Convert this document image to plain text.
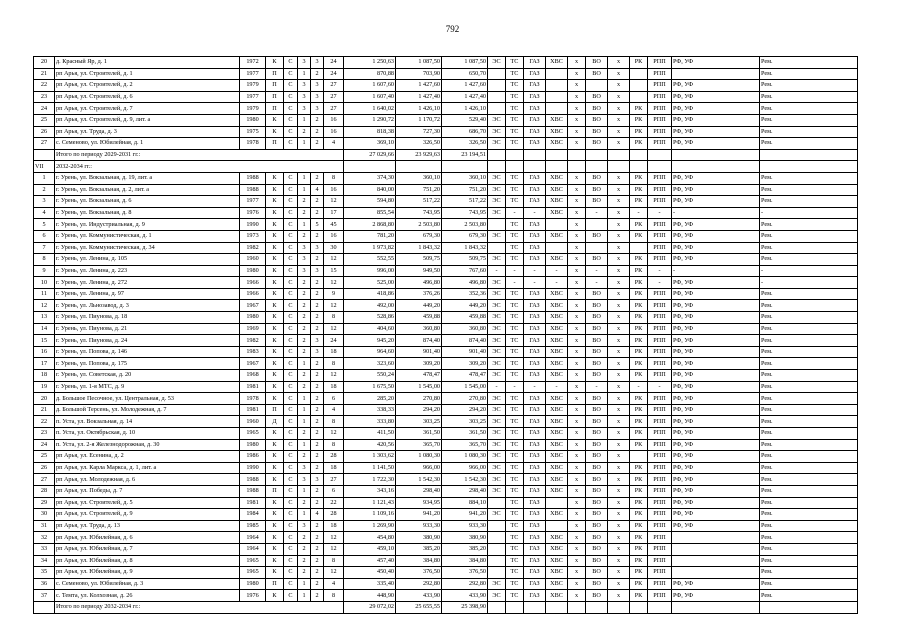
792
20	д. Красный Яр, д. 1	1972	К	С	3	3	24	1 250,63	1 087,50	1 087,50	ЭС	ТС	ГАЗ	ХВС	х	ВО	х	РК	РПП	РФ, УФ	Рем.
21	рп Арья, ул. Строителей, д. 1	1977	П	С	1	2	24	870,88	703,90	650,70		ТС	ГАЗ		х	ВО	х		РПП		Рем.
22	рп Арья, ул. Строителей, д. 2	1979	П	С	3	3	27	1 607,60	1 427,60	1 427,60		ТС	ГАЗ		х		х		РПП	РФ, УФ	Рем.
23	рп Арья, ул. Строителей, д. 6	1977	П	С	3	3	27	1 607,40	1 427,40	1 427,40		ТС	ГАЗ		х	ВО	х		РПП	РФ, УФ	Рем.
24	рп Арья, ул. Строителей, д. 7	1979	П	С	3	3	27	1 640,02	1 426,10	1 426,10		ТС	ГАЗ		х	ВО	х	РК	РПП	РФ, УФ	Рем.
25	рп Арья, ул. Строителей, д. 9, лит. а	1980	К	С	1	2	16	1 290,72	1 170,72	529,40	ЭС	ТС	ГАЗ	ХВС	х	ВО	х	РК	РПП	РФ, УФ	Рем.
26	рп Арья, ул. Труда, д. 3	1975	К	С	2	2	16	818,38	727,30	686,70	ЭС	ТС	ГАЗ	ХВС	х	ВО	х	РК	РПП	РФ, УФ	Рем.
27	с. Семеново, ул. Юбилейная, д. 1	1978	П	С	1	2	4	369,10	326,50	326,50	ЭС	ТС	ГАЗ	ХВС	х	ВО	х	РК	РПП	РФ, УФ	Рем.
	Итого по периоду 2029-2031 гг.:							27 029,66	23 929,63	23 194,51											
VII	2032-2034 гг.:																				
1	г. Урень, ул. Вокзальная, д. 19, лит. а	1988	К	С	1	2	8	374,30	360,10	360,10	ЭС	ТС	ГАЗ	ХВС	х	ВО	х	РК	РПП	РФ, УФ	Рем.
2	г. Урень, ул. Вокзальная, д. 2, лит. а	1988	К	С	1	4	16	840,00	751,20	751,20	ЭС	ТС	ГАЗ	ХВС	х	ВО	х	РК	РПП	РФ, УФ	Рем.
3	г. Урень, ул. Вокзальная, д. 6	1977	К	С	2	2	12	594,80	517,22	517,22	ЭС	ТС	ГАЗ	ХВС	х	ВО	х	РК	РПП	РФ, УФ	Рем.
4	г. Урень, ул. Вокзальная, д. 8	1976	К	С	2	2	17	855,54	743,95	743,95	ЭС	-	-	ХВС	х	-	х	-	-	-	-
5	г. Урень, ул. Индустриальная, д. 9	1990	К	С	1	5	45	2 868,80	2 503,80	2 503,80		ТС	ГАЗ		х		х	РК	РПП	РФ, УФ	Рем.
6	г. Урень, ул. Коммунистическая, д. 1	1973	К	С	2	2	16	781,20	679,30	679,30	ЭС	ТС	ГАЗ	ХВС	х	ВО	х	РК	РПП	РФ, УФ	Рем.
7	г. Урень, ул. Коммунистическая, д. 34	1982	К	С	3	3	30	1 973,82	1 843,32	1 843,32		ТС	ГАЗ		х		х		РПП	РФ, УФ	Рем.
8	г. Урень, ул. Ленина, д. 105	1960	К	С	3	2	12	552,55	509,75	509,75	ЭС	ТС	ГАЗ	ХВС	х	ВО	х	РК	РПП	РФ, УФ	Рем.
9	г. Урень, ул. Ленина, д. 223	1980	К	С	3	3	15	996,00	949,50	767,60	-	-	-	-	х	-	х	РК	-	-	-
10	г. Урень, ул. Ленина, д. 272	1966	К	С	2	2	12	525,00	496,80	496,80	ЭС	-	-	-	х	-	х	РК	-	РФ, УФ	-
11	г. Урень, ул. Ленина, д. 97	1966	К	С	2	2	9	418,86	376,26	352,36	ЭС	ТС	ГАЗ	ХВС	х	ВО	х	РК	РПП	РФ, УФ	Рем.
12	г. Урень, ул. Льнозавод, д. 3	1967	К	С	2	2	12	492,00	449,20	449,20	ЭС	ТС	ГАЗ	ХВС	х	ВО	х	РК	РПП	РФ, УФ	Рем.
13	г. Урень, ул. Пиунова, д. 18	1980	К	С	2	2	8	528,86	459,88	459,88	ЭС	ТС	ГАЗ	ХВС	х	ВО	х	РК	РПП	РФ, УФ	Рем.
14	г. Урень, ул. Пиунова, д. 21	1969	К	С	2	2	12	404,60	360,80	360,80	ЭС	ТС	ГАЗ	ХВС	х	ВО	х	РК	РПП	РФ, УФ	Рем.
15	г. Урень, ул. Пиунова, д. 24	1982	К	С	2	3	24	945,20	874,40	874,40	ЭС	ТС	ГАЗ	ХВС	х	ВО	х	РК	РПП	РФ, УФ	Рем.
16	г. Урень, ул. Попова, д. 146	1983	К	С	2	3	18	964,60	901,40	901,40	ЭС	ТС	ГАЗ	ХВС	х	ВО	х	РК	РПП	РФ, УФ	Рем.
17	г. Урень, ул. Попова, д. 175	1967	К	С	1	2	8	323,60	309,20	309,20	ЭС	ТС	ГАЗ	ХВС	х	ВО	х	РК	РПП	РФ, УФ	Рем.
18	г. Урень, ул. Советская, д. 20	1968	К	С	2	2	12	550,24	478,47	478,47	ЭС	ТС	ГАЗ	ХВС	х	ВО	х	РК	РПП	РФ, УФ	Рем.
19	г. Урень, ул. 1-я МТС, д. 9	1981	К	С	2	2	18	1 675,50	1 545,00	1 545,00	-	-	-	-	х	-	х	-	-	РФ, УФ	Рем.
20	д. Большое Песочное, ул. Центральная, д. 53	1978	К	С	1	2	6	285,20	270,80	270,80	ЭС	ТС	ГАЗ	ХВС	х	ВО	х	РК	РПП	РФ, УФ	Рем.
21	д. Большой Терсень, ул. Молодежная, д. 7	1981	П	С	1	2	4	338,33	294,20	294,20	ЭС	ТС	ГАЗ	ХВС	х	ВО	х	РК	РПП	РФ, УФ	Рем.
22	п. Уста, ул. Вокзальная, д. 14	1960	Д	С	1	2	8	333,80	303,25	303,25	ЭС	ТС	ГАЗ	ХВС	х	ВО	х	РК	РПП	РФ, УФ	Рем.
23	п. Уста, ул. Октябрьская, д. 10	1965	К	С	2	2	12	411,50	361,50	361,50	ЭС	ТС	ГАЗ	ХВС	х	ВО	х	РК	РПП	РФ, УФ	Рем.
24	п. Уста, ул. 2-я Железнодорожная, д. 30	1980	К	С	1	2	8	420,56	365,70	365,70	ЭС	ТС	ГАЗ	ХВС	х	ВО	х	РК	РПП	РФ, УФ	Рем.
25	рп Арья, ул. Есенина, д. 2	1986	К	С	2	2	28	1 303,62	1 080,30	1 080,30	ЭС	ТС	ГАЗ	ХВС	х	ВО	х		РПП	РФ, УФ	Рем.
26	рп Арья, ул. Карла Маркса, д. 1, лит. а	1990	К	С	3	2	18	1 141,50	966,00	966,00	ЭС	ТС	ГАЗ	ХВС	х	ВО	х	РК	РПП	РФ, УФ	Рем.
27	рп Арья, ул. Молодежная, д. 6	1988	К	С	3	3	27	1 722,30	1 542,30	1 542,30	ЭС	ТС	ГАЗ	ХВС	х	ВО	х	РК	РПП	РФ, УФ	Рем.
28	рп Арья, ул. Победы, д. 7	1988	П	С	1	2	6	343,16	298,40	298,40	ЭС	ТС	ГАЗ	ХВС	х	ВО	х	РК	РПП	РФ, УФ	Рем.
29	рп Арья, ул. Строителей, д. 5	1981	К	С	2	2	22	1 121,43	934,95	884,10		ТС	ГАЗ		х	ВО	х	РК	РПП	РФ, УФ	Рем.
30	рп Арья, ул. Строителей, д. 9	1984	К	С	1	4	28	1 109,16	941,20	941,20	ЭС	ТС	ГАЗ	ХВС	х	ВО	х	РК	РПП	РФ, УФ	Рем.
31	рп Арья, ул. Труда, д. 13	1985	К	С	3	2	18	1 269,90	933,30	933,30		ТС	ГАЗ		х	ВО	х	РК	РПП	РФ, УФ	Рем.
32	рп Арья, ул. Юбилейная, д. 6	1964	К	С	2	2	12	454,80	380,90	380,90		ТС	ГАЗ	ХВС	х	ВО	х	РК	РПП		Рем.
33	рп Арья, ул. Юбилейная, д. 7	1964	К	С	2	2	12	459,10	385,20	385,20		ТС	ГАЗ	ХВС	х	ВО	х	РК	РПП		Рем.
34	рп Арья, ул. Юбилейная, д. 8	1965	К	С	2	2	8	457,40	384,80	384,80		ТС	ГАЗ	ХВС	х	ВО	х	РК	РПП		Рем.
35	рп Арья, ул. Юбилейная, д. 9	1965	К	С	2	2	12	450,40	376,50	376,50		ТС	ГАЗ	ХВС	х	ВО	х	РК	РПП		Рем.
36	с. Семеново, ул. Юбилейная, д. 3	1980	П	С	1	2	4	335,40	292,80	292,80	ЭС	ТС	ГАЗ	ХВС	х	ВО	х	РК	РПП	РФ, УФ	Рем.
37	с. Темта, ул. Колхозная, д. 26	1976	К	С	1	2	8	448,90	433,90	433,90	ЭС	ТС	ГАЗ	ХВС	х	ВО	х	РК	РПП	РФ, УФ	Рем.
	Итого по периоду 2032-2034 гг.:							29 072,02	25 655,55	25 398,90											
